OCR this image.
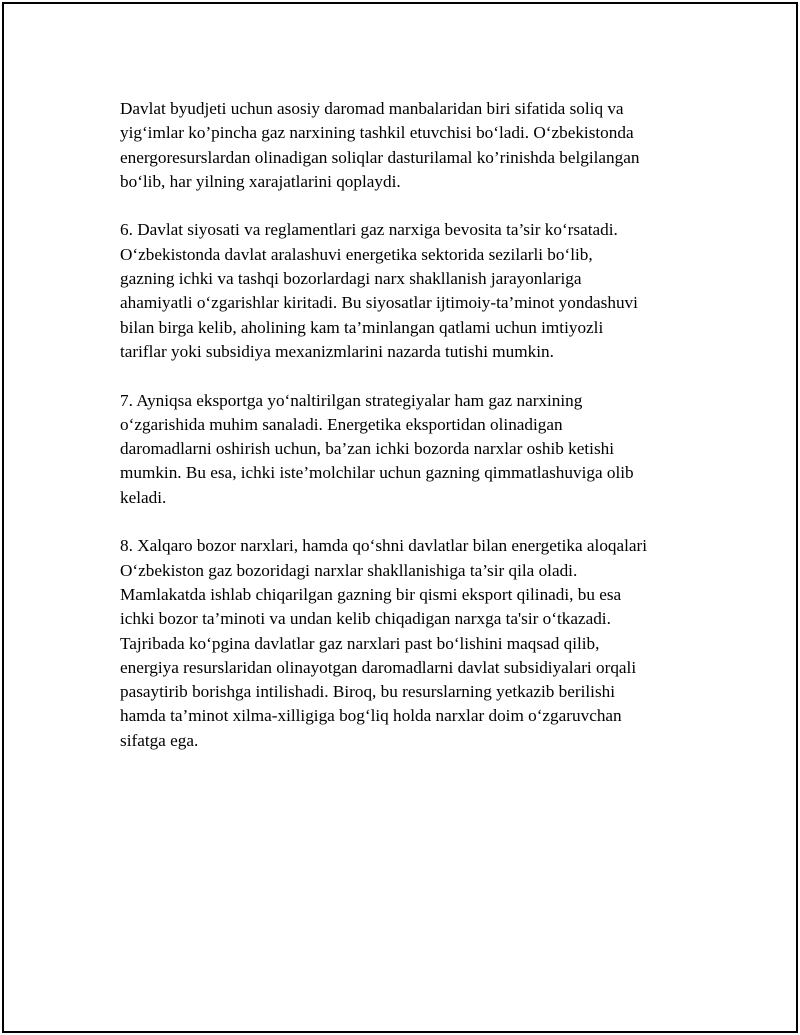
Davlat byudjeti uchun asosiy daromad manbalaridan biri sifatida soliq va
yig‘imlar ko’pincha gaz narxining tashkil etuvchisi bo‘ladi. O‘zbekistonda
energoresurslardan olinadigan soliqlar dasturilamal ko’rinishda belgilangan
bo‘lib, har yilning xarajatlarini qoplaydi.

6. Davlat siyosati va reglamentlari gaz narxiga bevosita ta’sir ko‘rsatadi.
O‘zbekistonda davlat aralashuvi energetika sektorida sezilarli bo‘lib,
gazning ichki va tashqi bozorlardagi narx shakllanish jarayonlariga
ahamiyatli o‘zgarishlar kiritadi. Bu siyosatlar ijtimoiy-ta’minot yondashuvi
bilan birga kelib, aholining kam ta’minlangan qatlami uchun imtiyozli
tariflar yoki subsidiya mexanizmlarini nazarda tutishi mumkin.

7. Ayniqsa eksportga yo‘naltirilgan strategiyalar ham gaz narxining
o‘zgarishida muhim sanaladi. Energetika eksportidan olinadigan
daromadlarni oshirish uchun, ba’zan ichki bozorda narxlar oshib ketishi
mumkin. Bu esa, ichki iste’molchilar uchun gazning qimmatlashuviga olib
keladi.

8. Xalqaro bozor narxlari, hamda qo‘shni davlatlar bilan energetika aloqalari
O‘zbekiston gaz bozoridagi narxlar shakllanishiga ta’sir qila oladi.
Mamlakatda ishlab chiqarilgan gazning bir qismi eksport qilinadi, bu esa
ichki bozor ta’minoti va undan kelib chiqadigan narxga ta'sir o‘tkazadi.
Tajribada ko‘pgina davlatlar gaz narxlari past bo‘lishini maqsad qilib,
energiya resurslaridan olinayotgan daromadlarni davlat subsidiyalari orqali
pasaytirib borishga intilishadi. Biroq, bu resurslarning yetkazib berilishi
hamda ta’minot xilma-xilligiga bog‘liq holda narxlar doim o‘zgaruvchan
sifatga ega.
